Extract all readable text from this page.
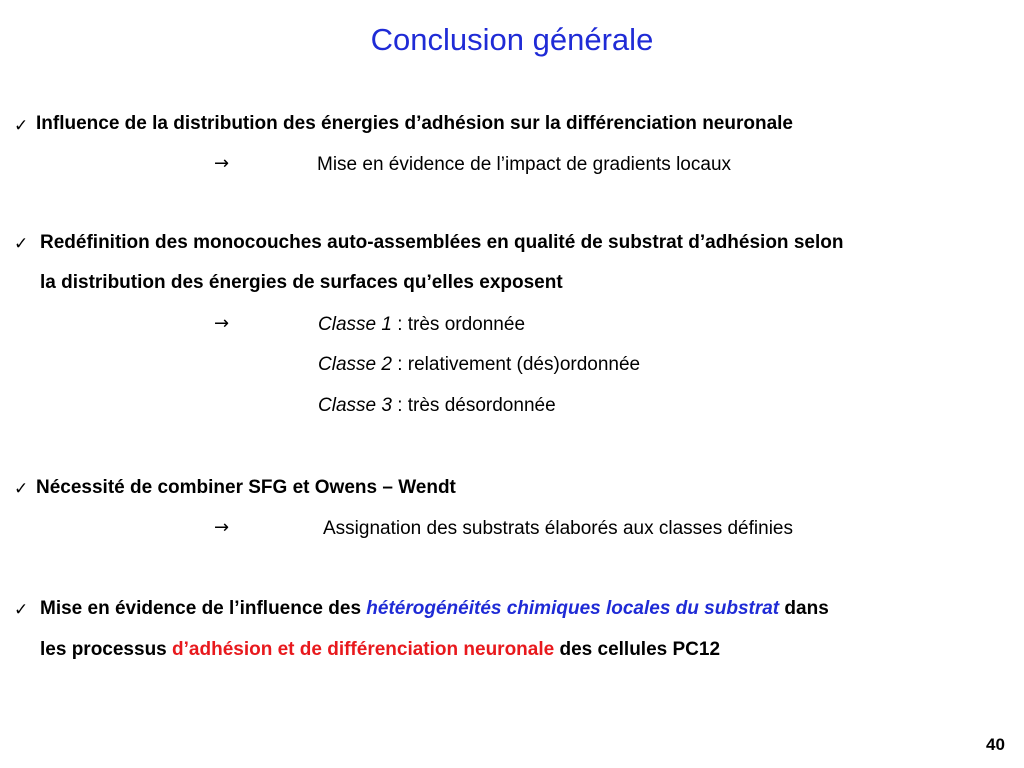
Conclusion générale
✓ Influence de la distribution des énergies d’adhésion sur la différenciation neuronale
→	Mise en évidence de l’impact de gradients locaux
✓ Redéfinition des monocouches auto-assemblées en qualité de substrat d’adhésion selon
la distribution des énergies de surfaces qu’elles exposent
→	Classe 1 : très ordonnée
Classe 2 : relativement (dés)ordonnée
Classe 3 : très désordonnée
✓ Nécessité de combiner SFG et Owens – Wendt
→	Assignation des substrats élaborés aux classes définies
✓ Mise en évidence de l’influence des hétérogénéités chimiques locales du substrat dans
les processus d’adhésion et de différenciation neuronale des cellules PC12
40
